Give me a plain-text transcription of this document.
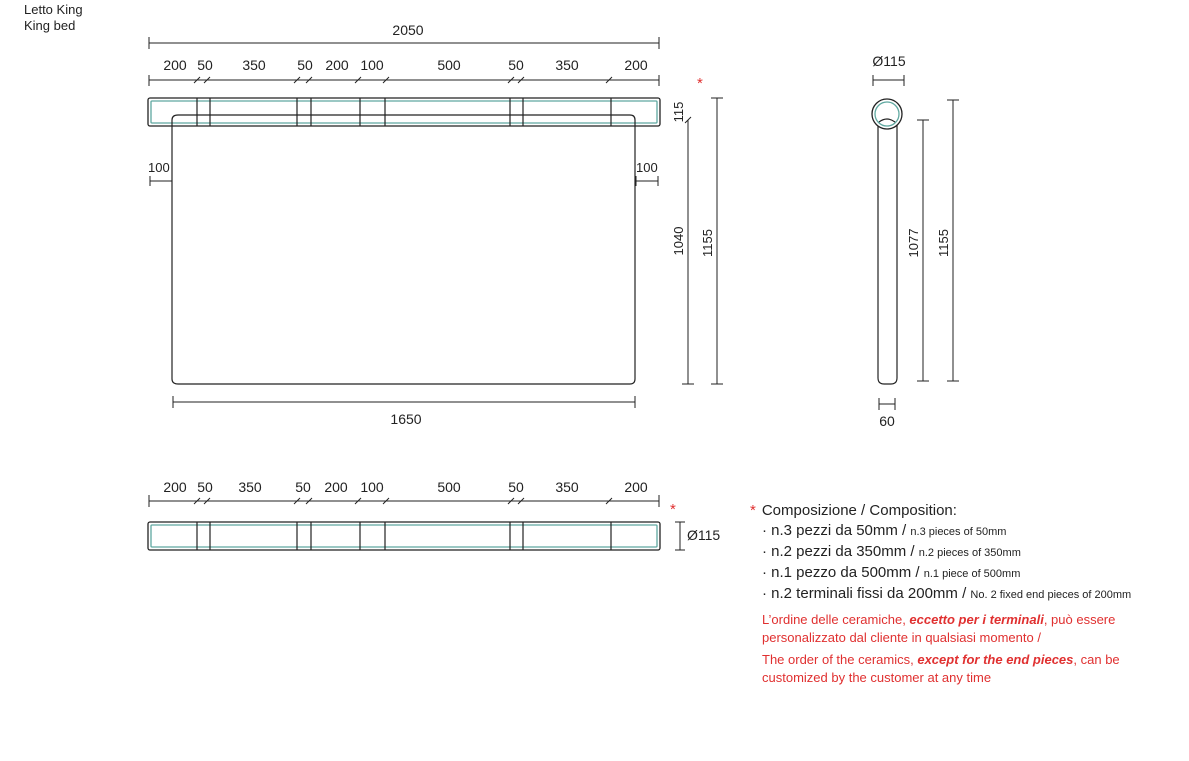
Letto King
King bed	2050
200 50 350 50 200 100	500	50 350	200
*
100	100
1650
115
1040 1155
Ø115
60
1077 1155
200 50 350 50 200 100	500	50 350	200
*
Ø115
* Composizione / Composition:
· n.3 pezzi da 50mm / n.3 pieces of 50mm
· n.2 pezzi da 350mm / n.2 pieces of 350mm
· n.1 pezzo da 500mm / n.1 piece of 500mm
· n.2 terminali fissi da 200mm / No. 2 fixed end pieces of 200mm
L’ordine delle ceramiche, eccetto per i terminali, può essere personalizzato dal cliente in qualsiasi momento /
The order of the ceramics, except for the end pieces, can be customized by the customer at any time
